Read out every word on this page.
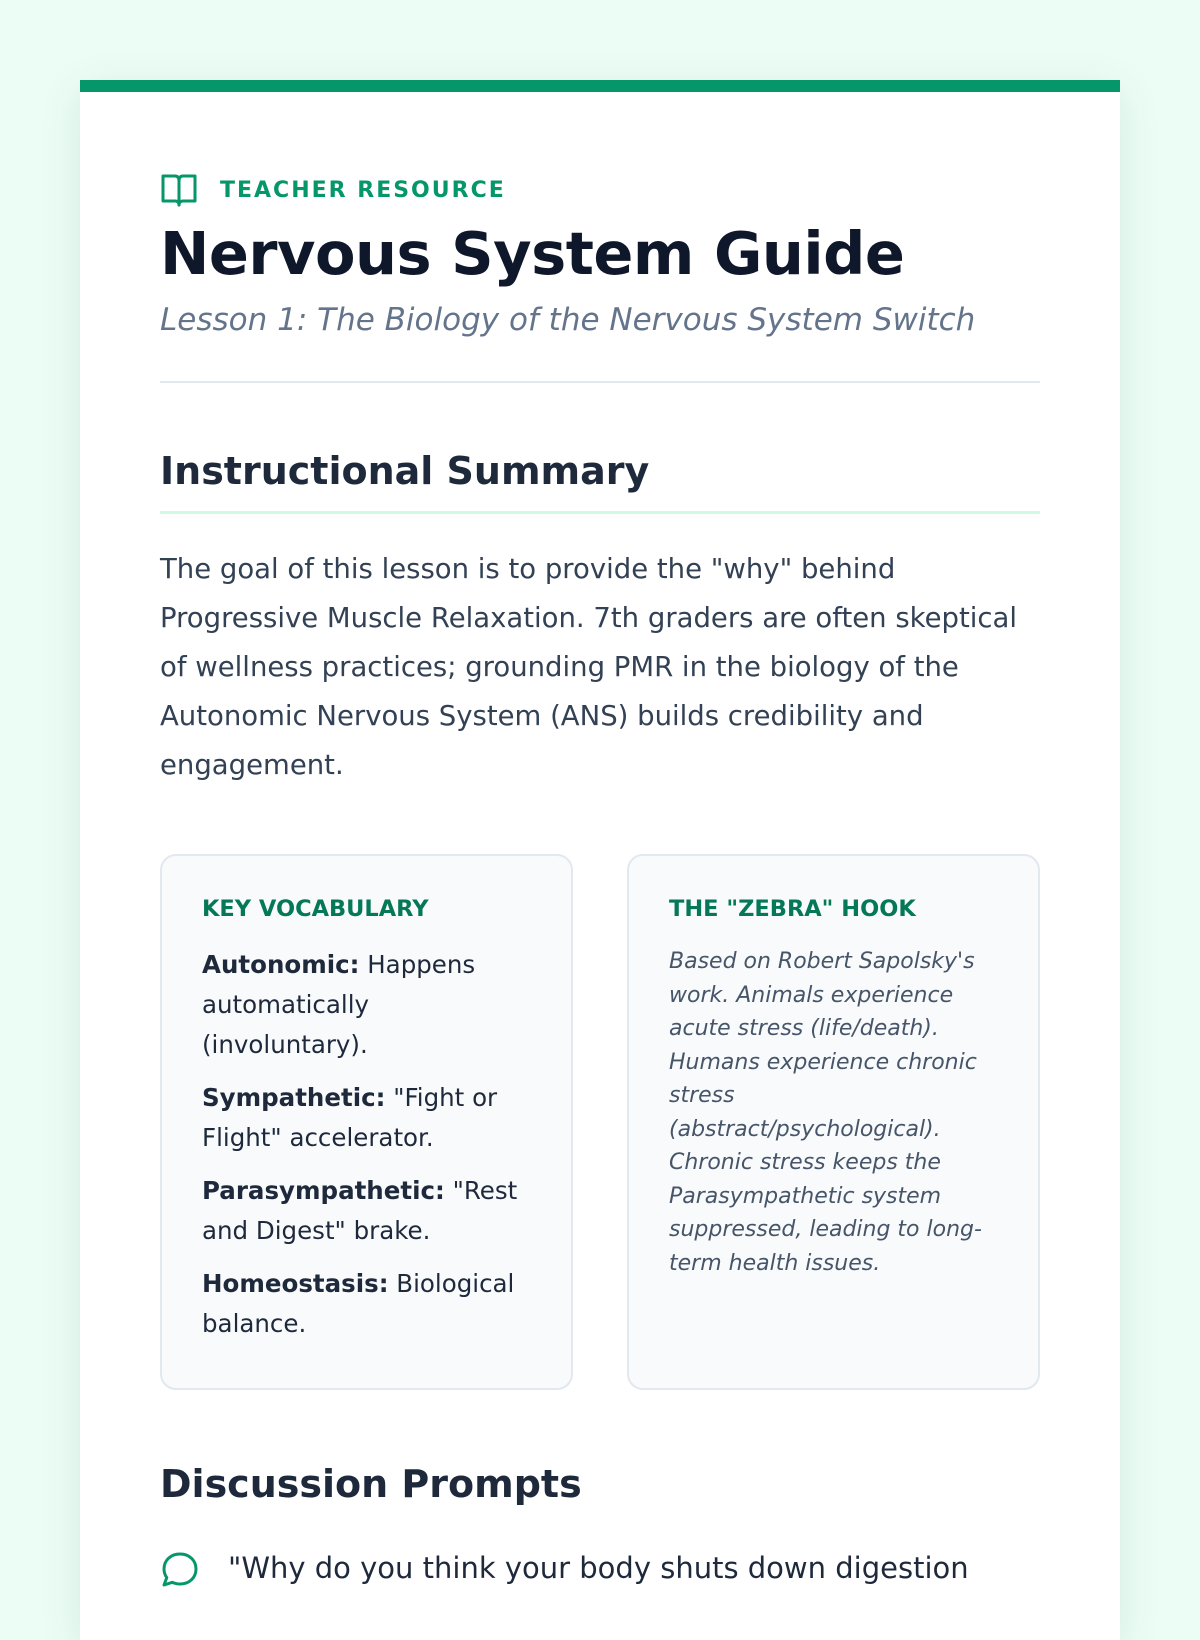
TEACHER RESOURCE
Nervous System Guide
Lesson 1: The Biology of the Nervous System Switch
Instructional Summary

The goal of this lesson is to provide the "why" behind Progressive Muscle Relaxation. 7th graders are often skeptical of wellness practices; grounding PMR in the biology of the Autonomic Nervous System (ANS) builds credibility and engagement.

KEY VOCABULARY
Autonomic: Happens automatically (involuntary).
Sympathetic: "Fight or Flight" accelerator.
Parasympathetic: "Rest and Digest" brake.
Homeostasis: Biological balance.
THE "ZEBRA" HOOK
Based on Robert Sapolsky's work. Animals experience acute stress (life/death). Humans experience chronic stress (abstract/psychological). Chronic stress keeps the Parasympathetic system suppressed, leading to long-term health issues.
Discussion Prompts
"Why do you think your body shuts down digestion
